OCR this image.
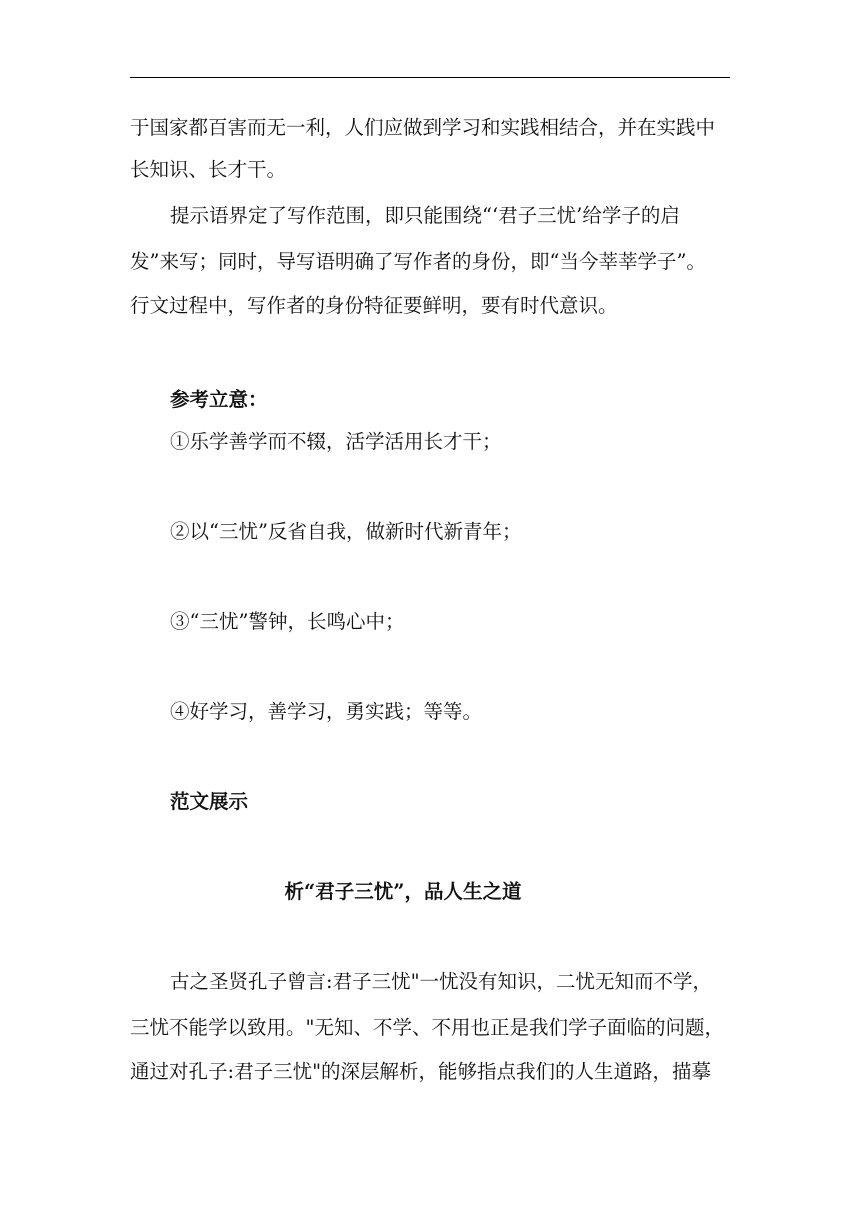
于国家都百害而无一利，人们应做到学习和实践相结合，并在实践中
长知识、长才干。
提示语界定了写作范围，即只能围绕“‘君子三忧’给学子的启
发”来写；同时，导写语明确了写作者的身份，即“当今莘莘学子”。
行文过程中，写作者的身份特征要鲜明，要有时代意识。
参考立意：
①乐学善学而不辍，活学活用长才干；
②以“三忧”反省自我，做新时代新青年；
③“三忧”警钟，长鸣心中；
④好学习，善学习，勇实践；等等。
范文展示
析“君子三忧”，品人生之道
古之圣贤孔子曾言:君子三忧"一忧没有知识，二忧无知而不学，
三忧不能学以致用。"无知、不学、不用也正是我们学子面临的问题，
通过对孔子:君子三忧"的深层解析，能够指点我们的人生道路，描摹
